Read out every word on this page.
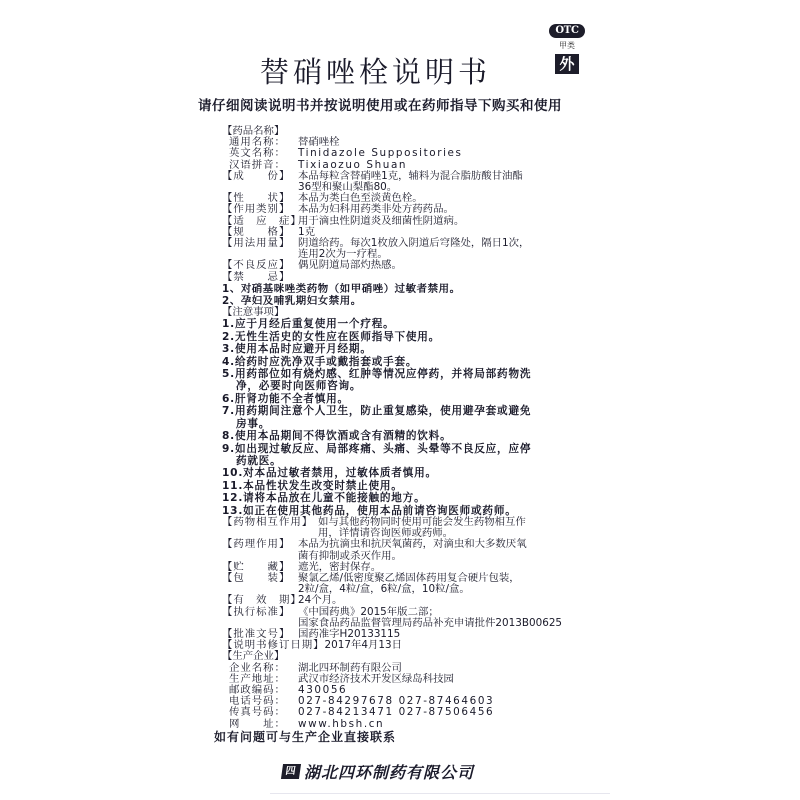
OTC
甲类
外
替硝唑栓说明书
请仔细阅读说明书并按说明使用或在药师指导下购买和使用
【药品名称】
通用名称：	替硝唑栓
英文名称：	Tinidazole Suppositories
汉语拼音：	Tixiaozuo Shuan
【成　　份】 本品每粒含替硝唑1克，辅料为混合脂肪酸甘油酯
36型和聚山梨酯80。
【性　　状】 本品为类白色至淡黄色栓。
【作用类别】 本品为妇科用药类非处方药药品。
【适　应　症】
用于滴虫性阴道炎及细菌性阴道病。
【规　　格】 1克
【用法用量】 阴道给药。每次1枚放入阴道后穹隆处，隔日1次，
连用2次为一疗程。
【不良反应】 偶见阴道局部灼热感。
【禁　　忌】
1、对硝基咪唑类药物（如甲硝唑）过敏者禁用。
2、孕妇及哺乳期妇女禁用。
【注意事项】
1.应于月经后重复使用一个疗程。
2.无性生活史的女性应在医师指导下使用。
3.使用本品时应避开月经期。
4.给药时应洗净双手或戴指套或手套。
5.用药部位如有烧灼感、红肿等情况应停药，并将局部药物洗
净，必要时向医师咨询。
6.肝肾功能不全者慎用。
7.用药期间注意个人卫生，防止重复感染，使用避孕套或避免
房事。
8.使用本品期间不得饮酒或含有酒精的饮料。
9.如出现过敏反应、局部疼痛、头痛、头晕等不良反应，应停
药就医。
10.对本品过敏者禁用，过敏体质者慎用。
11.本品性状发生改变时禁止使用。
12.请将本品放在儿童不能接触的地方。
13.如正在使用其他药品，使用本品前请咨询医师或药师。
【药物相互作用】 如与其他药物同时使用可能会发生药物相互作
用，详情请咨询医师或药师。
【药理作用】 本品为抗滴虫和抗厌氧菌药，对滴虫和大多数厌氧
菌有抑制或杀灭作用。
【贮　　藏】 遮光，密封保存。
【包　　装】 聚氯乙烯/低密度聚乙烯固体药用复合硬片包装，
2粒/盒，4粒/盒，6粒/盒，10粒/盒。
【有　效　期】
24个月。
【执行标准】 《中国药典》2015年版二部；
国家食品药品监督管理局药品补充申请批件2013B00625
【批准文号】 国药准字H20133115
【说明书修订日期】 2017年4月13日
【生产企业】
企业名称：	湖北四环制药有限公司
生产地址：	武汉市经济技术开发区绿岛科技园
邮政编码：	430056
电话号码：	027-84297678 027-87464603
传真号码：	027-84213471 027-87506456
网　　址：	www.hbsh.cn
如有问题可与生产企业直接联系
四 湖北四环制药有限公司
